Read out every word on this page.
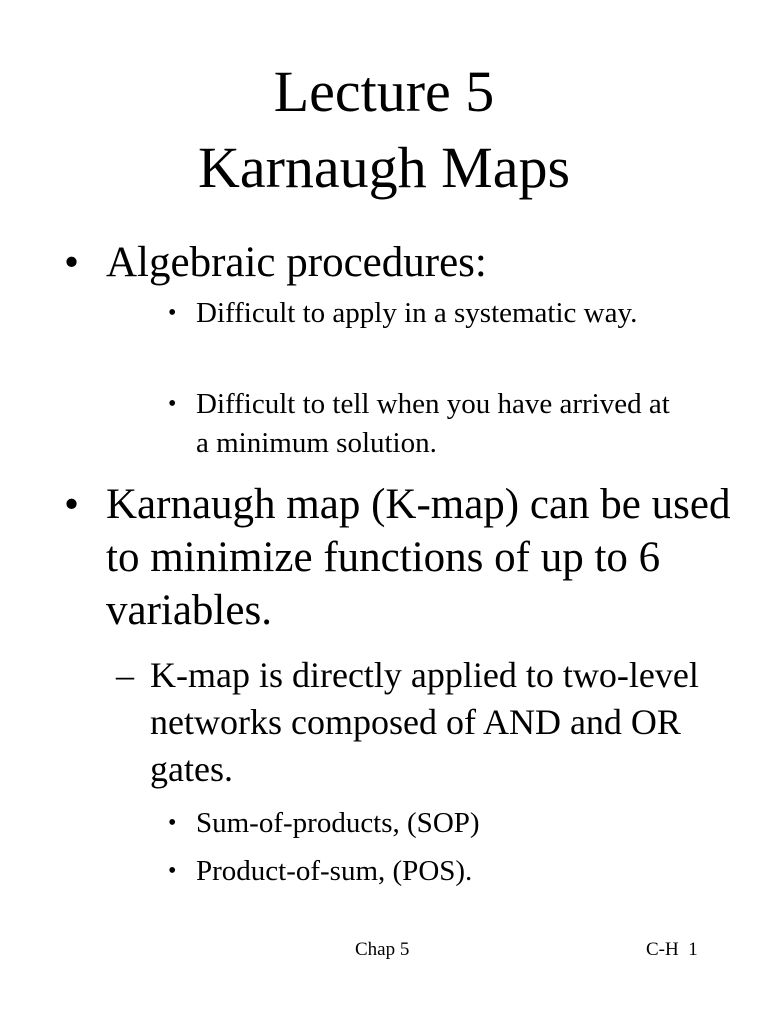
Lecture 5
Karnaugh Maps
• Algebraic procedures:
• Difficult to apply in a systematic way.
• Difficult to tell when you have arrived at a minimum solution.
• Karnaugh map (K-map) can be used to minimize functions of up to 6 variables.
– K-map is directly applied to two-level networks composed of AND and OR gates.
• Sum-of-products, (SOP)
• Product-of-sum, (POS).
Chap 5	C-H  1
